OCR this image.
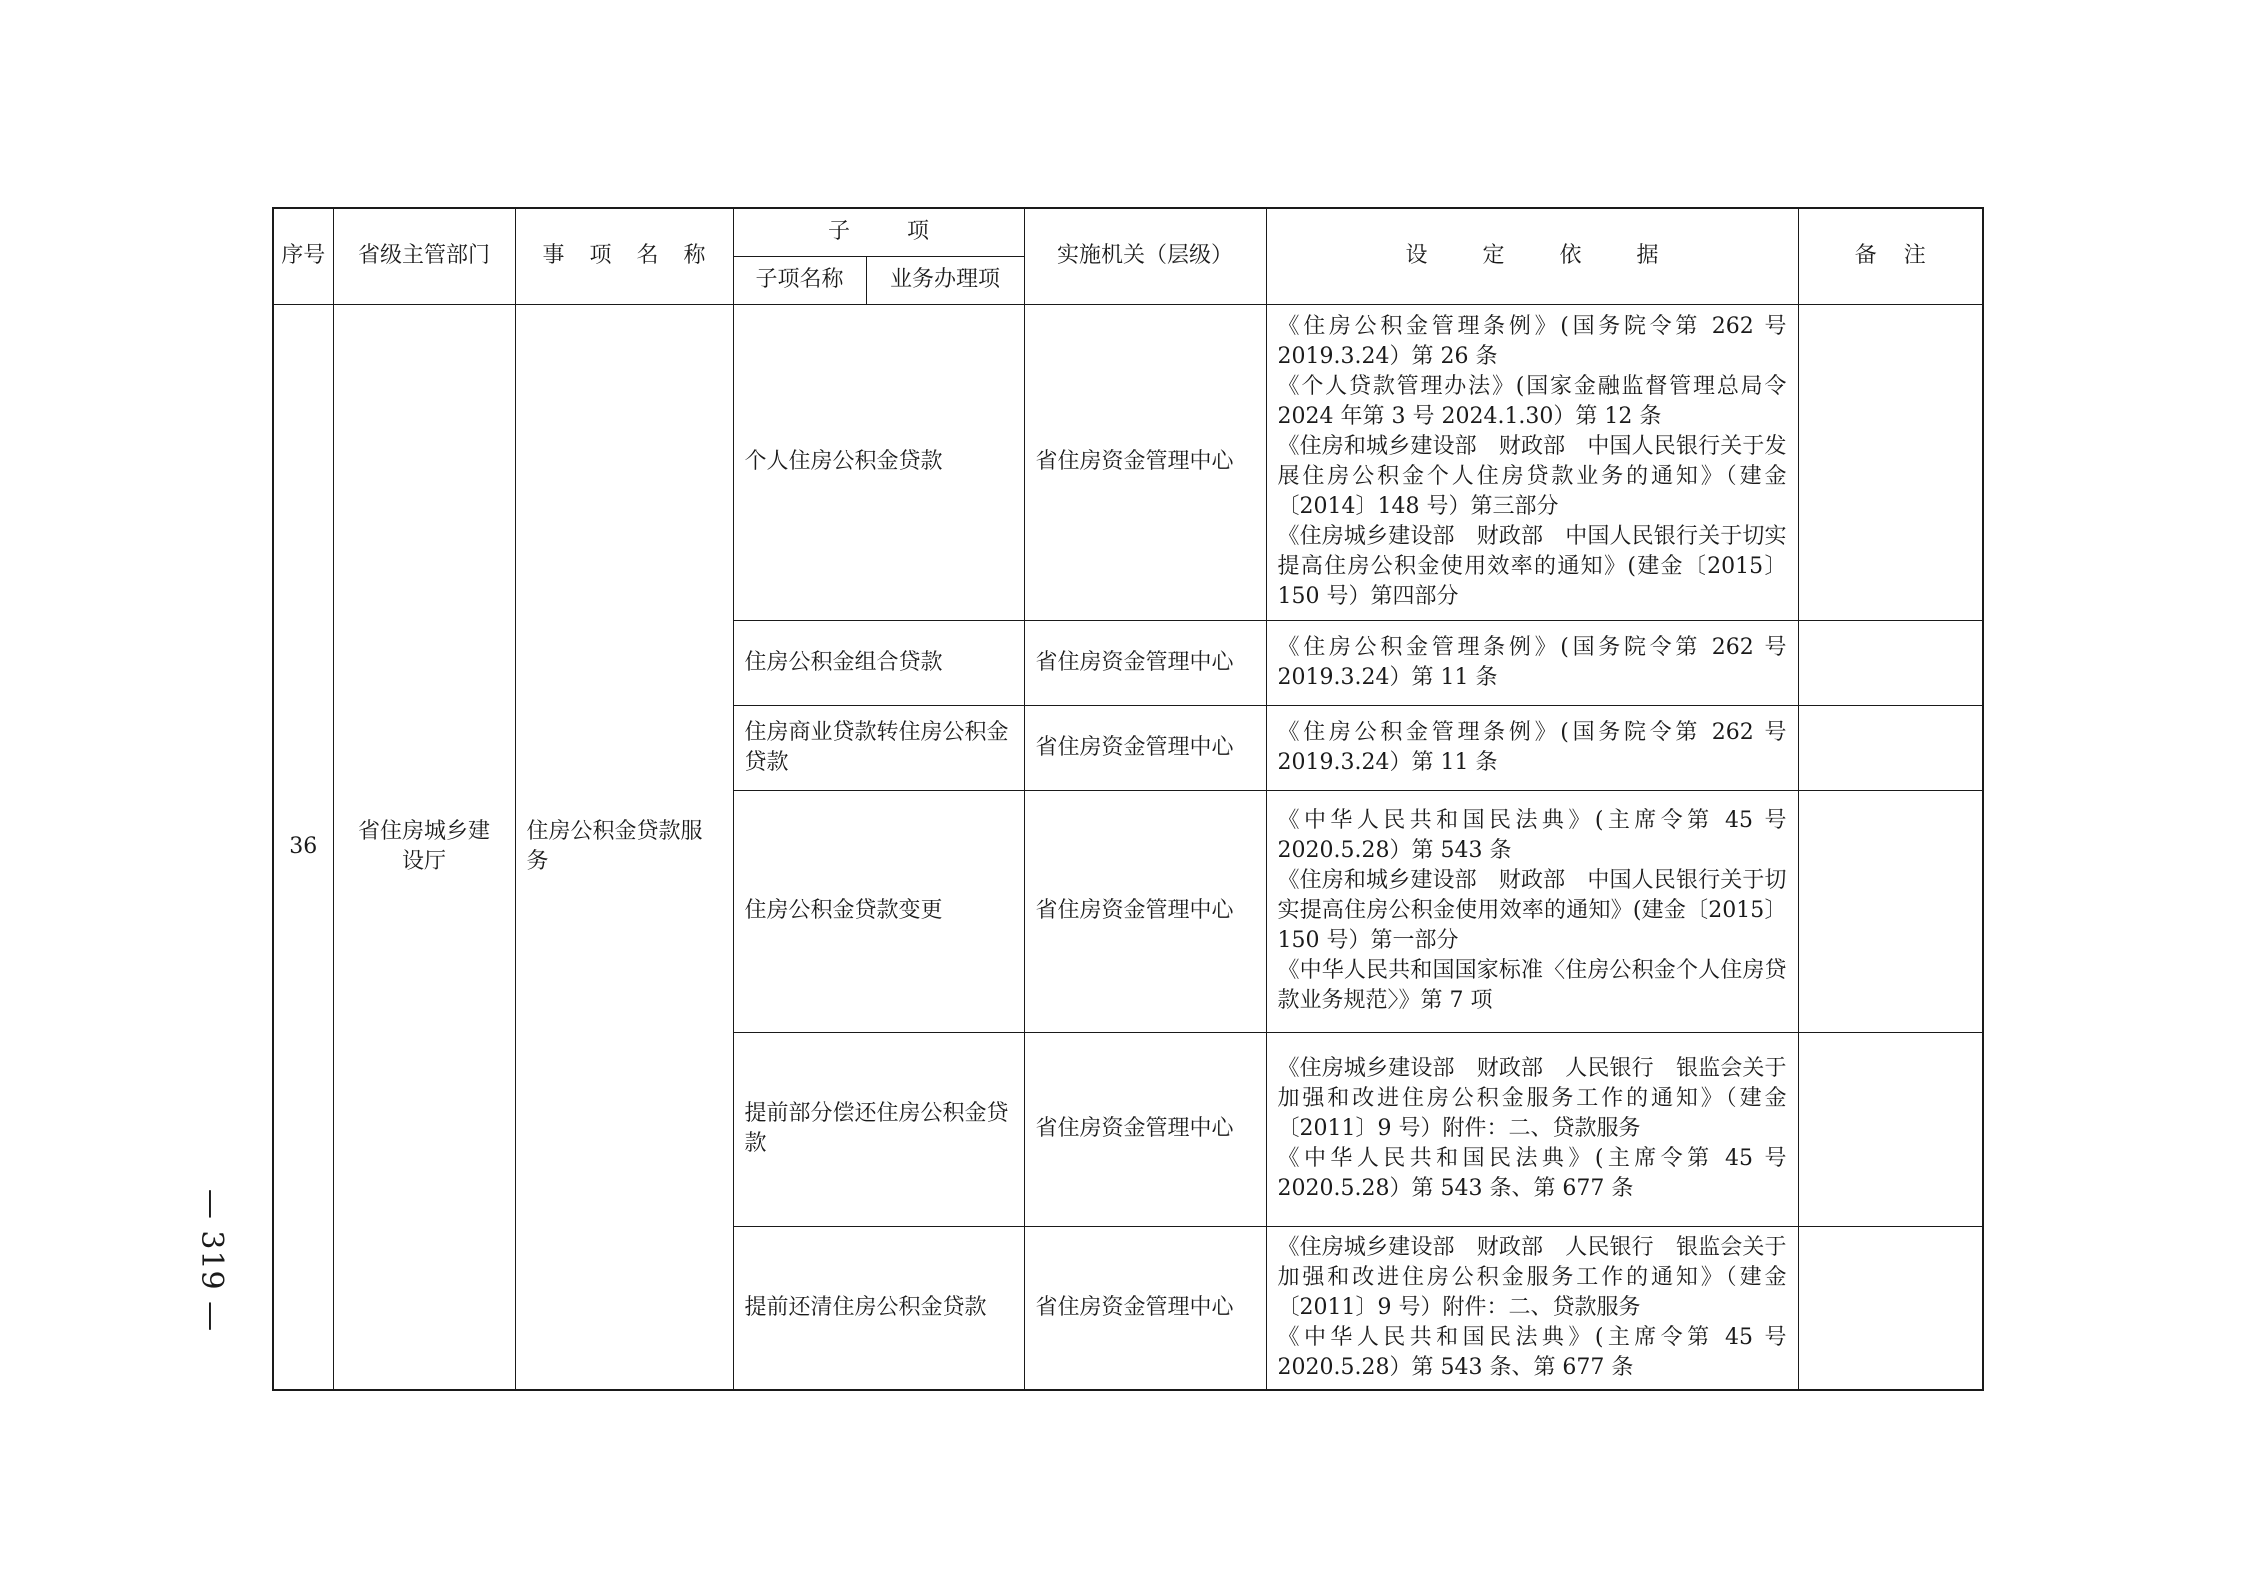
— 319 —
序号	省级主管部门	事 项 名 称	子 项		实施机关（层级）	设 定 依 据	备 注
			子项名称	业务办理项			
36	省住房城乡建设厅	住房公积金贷款服务	个人住房公积金贷款		省住房资金管理中心	《住房公积金管理条例》(国务院令第 262 号 2019.3.24）第 26 条
《个人贷款管理办法》(国家金融监督管理总局令 2024 年第 3 号 2024.1.30）第 12 条
《住房和城乡建设部　财政部　中国人民银行关于发展住房公积金个人住房贷款业务的通知》（建金〔2014〕148 号）第三部分
《住房城乡建设部　财政部　中国人民银行关于切实提高住房公积金使用效率的通知》(建金〔2015〕150 号）第四部分	

			住房公积金组合贷款		省住房资金管理中心	《住房公积金管理条例》(国务院令第 262 号 2019.3.24）第 11 条	

			住房商业贷款转住房公积金贷款		省住房资金管理中心	《住房公积金管理条例》(国务院令第 262 号 2019.3.24）第 11 条	

			住房公积金贷款变更		省住房资金管理中心	《中华人民共和国民法典》(主席令第 45 号 2020.5.28）第 543 条
《住房和城乡建设部　财政部　中国人民银行关于切实提高住房公积金使用效率的通知》(建金〔2015〕150 号）第一部分
《中华人民共和国国家标准〈住房公积金个人住房贷款业务规范〉》第 7 项	

			提前部分偿还住房公积金贷款		省住房资金管理中心	《住房城乡建设部　财政部　人民银行　银监会关于加强和改进住房公积金服务工作的通知》（建金〔2011〕9 号）附件：二、贷款服务
《中华人民共和国民法典》(主席令第 45 号 2020.5.28）第 543 条、第 677 条	

			提前还清住房公积金贷款		省住房资金管理中心	《住房城乡建设部　财政部　人民银行　银监会关于加强和改进住房公积金服务工作的通知》（建金〔2011〕9 号）附件：二、贷款服务
《中华人民共和国民法典》(主席令第 45 号 2020.5.28）第 543 条、第 677 条	
